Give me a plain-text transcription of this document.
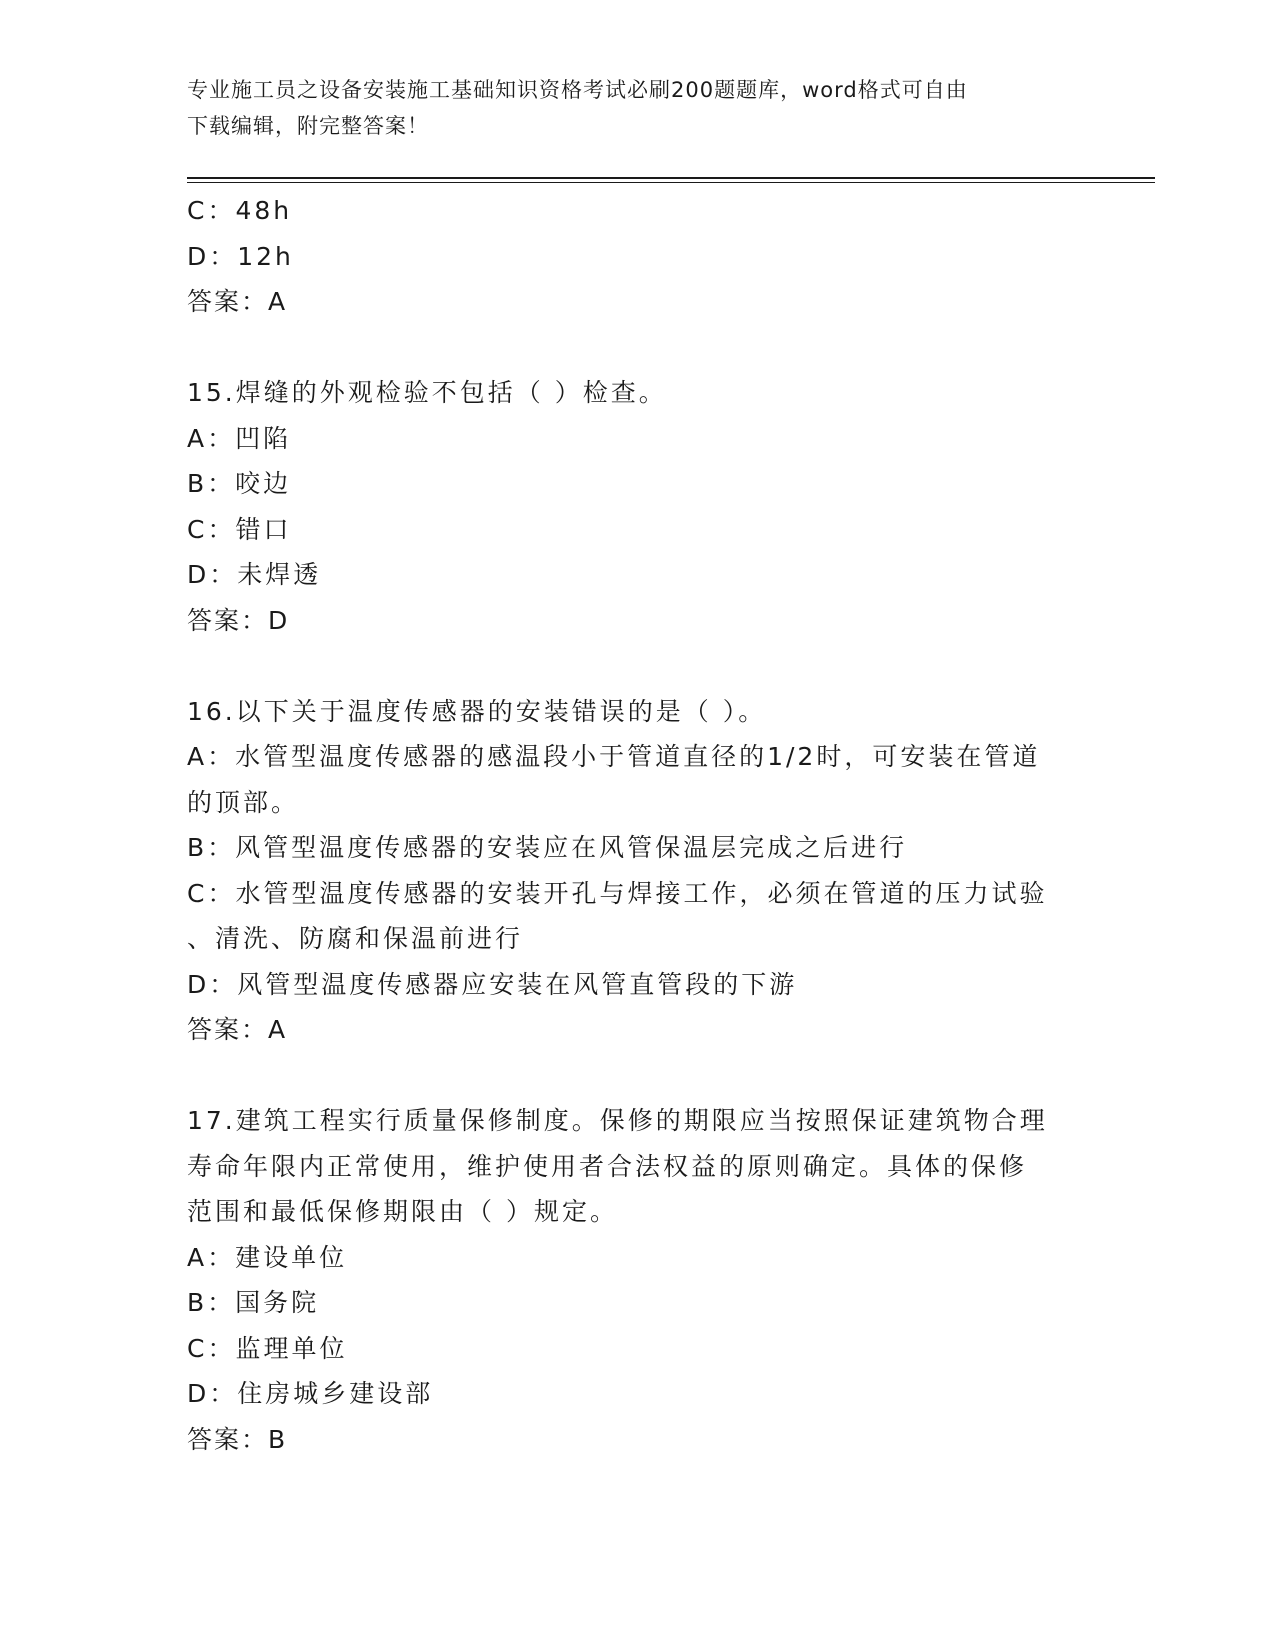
专业施工员之设备安装施工基础知识资格考试必刷200题题库，word格式可自由
下载编辑，附完整答案！
C：48h
D：12h
答案：A
15.焊缝的外观检验不包括（ ）检查。
A：凹陷
B：咬边
C：错口
D：未焊透
答案：D
16.以下关于温度传感器的安装错误的是（ ）。
A：水管型温度传感器的感温段小于管道直径的1/2时，可安装在管道
的顶部。
B：风管型温度传感器的安装应在风管保温层完成之后进行
C：水管型温度传感器的安装开孔与焊接工作，必须在管道的压力试验
、清洗、防腐和保温前进行
D：风管型温度传感器应安装在风管直管段的下游
答案：A
17.建筑工程实行质量保修制度。保修的期限应当按照保证建筑物合理
寿命年限内正常使用，维护使用者合法权益的原则确定。具体的保修
范围和最低保修期限由（ ）规定。
A：建设单位
B：国务院
C：监理单位
D：住房城乡建设部
答案：B
